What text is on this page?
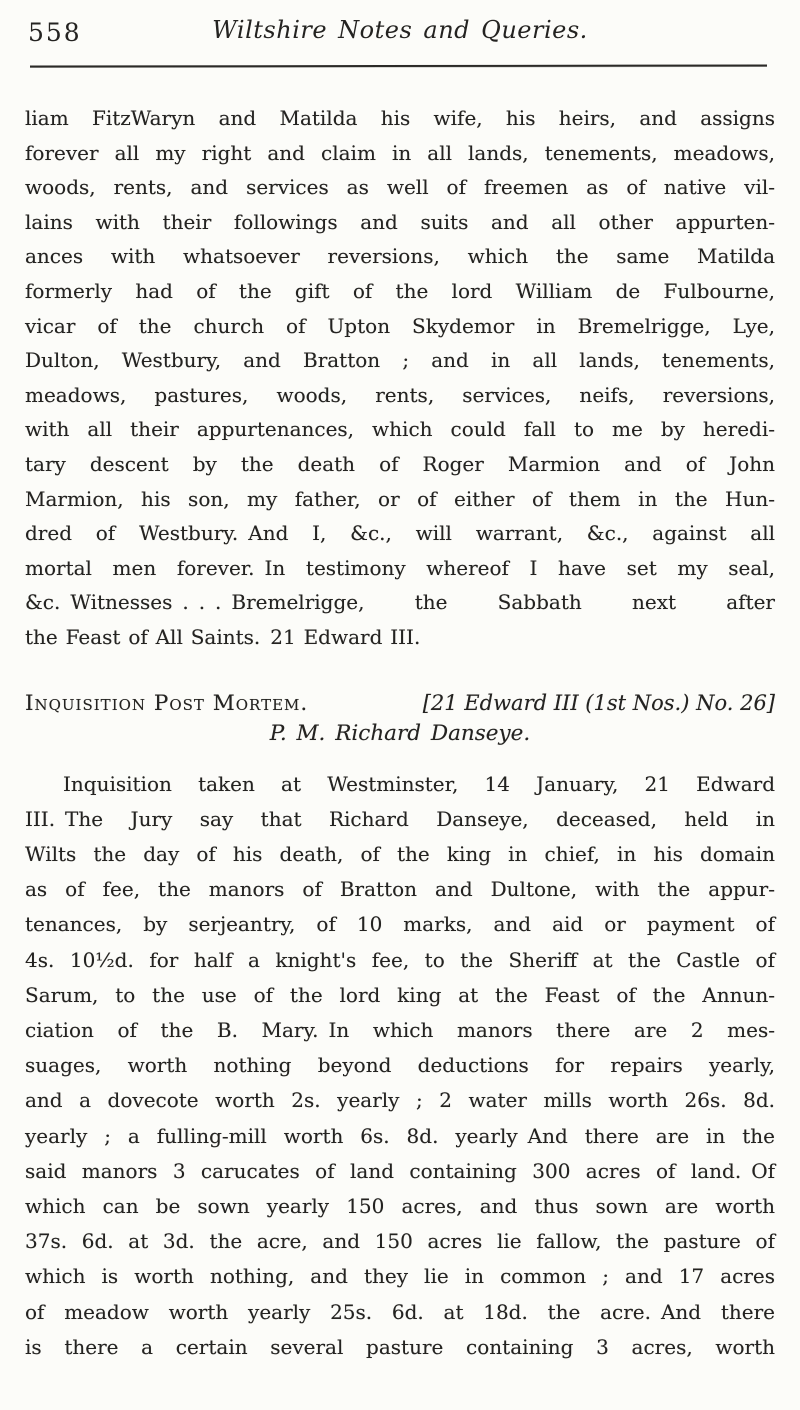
558	Wiltshire Notes and Queries.
liam FitzWaryn and Matilda his wife, his heirs, and assigns
forever all my right and claim in all lands, tenements, meadows,
woods, rents, and services as well of freemen as of native vil-
lains with their followings and suits and all other appurten-
ances with whatsoever reversions, which the same Matilda
formerly had of the gift of the lord William de Fulbourne,
vicar of the church of Upton Skydemor in Bremelrigge, Lye,
Dulton, Westbury, and Bratton ; and in all lands, tenements,
meadows, pastures, woods, rents, services, neifs, reversions,
with all their appurtenances, which could fall to me by heredi-
tary descent by the death of Roger Marmion and of John
Marmion, his son, my father, or of either of them in the Hun-
dred of Westbury. And I, &c., will warrant, &c., against all
mortal men forever. In testimony whereof I have set my seal,
&c. Witnesses . . . Bremelrigge, the Sabbath next after
the Feast of All Saints. 21 Edward III.
Inquisition Post Mortem.	[21 Edward III (1st Nos.) No. 26]
P. M. Richard Danseye.
Inquisition taken at Westminster, 14 January, 21 Edward
III. The Jury say that Richard Danseye, deceased, held in
Wilts the day of his death, of the king in chief, in his domain
as of fee, the manors of Bratton and Dultone, with the appur-
tenances, by serjeantry, of 10 marks, and aid or payment of
4s. 10½d. for half a knight's fee, to the Sheriff at the Castle of
Sarum, to the use of the lord king at the Feast of the Annun-
ciation of the B. Mary. In which manors there are 2 mes-
suages, worth nothing beyond deductions for repairs yearly,
and a dovecote worth 2s. yearly ; 2 water mills worth 26s. 8d.
yearly ; a fulling-mill worth 6s. 8d. yearly And there are in the
said manors 3 carucates of land containing 300 acres of land. Of
which can be sown yearly 150 acres, and thus sown are worth
37s. 6d. at 3d. the acre, and 150 acres lie fallow, the pasture of
which is worth nothing, and they lie in common ; and 17 acres
of meadow worth yearly 25s. 6d. at 18d. the acre. And there
is there a certain several pasture containing 3 acres, worth
